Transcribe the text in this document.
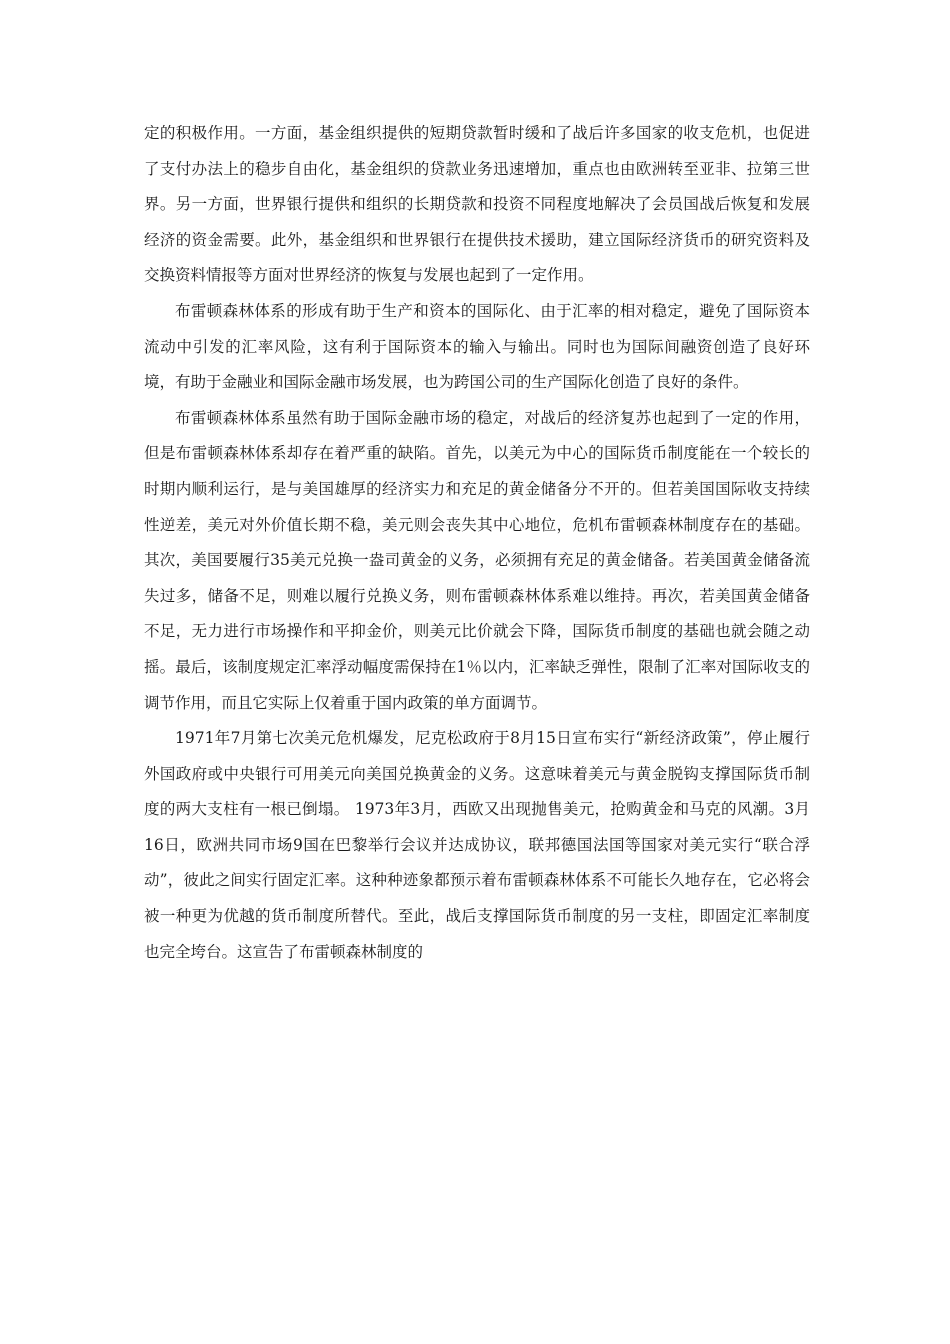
定的积极作用。一方面，基金组织提供的短期贷款暂时缓和了战后许多国家的收支危机，也促进了支付办法上的稳步自由化，基金组织的贷款业务迅速增加，重点也由欧洲转至亚非、拉第三世界。另一方面，世界银行提供和组织的长期贷款和投资不同程度地解决了会员国战后恢复和发展经济的资金需要。此外，基金组织和世界银行在提供技术援助，建立国际经济货币的研究资料及交换资料情报等方面对世界经济的恢复与发展也起到了一定作用。

布雷顿森林体系的形成有助于生产和资本的国际化、由于汇率的相对稳定，避免了国际资本流动中引发的汇率风险，这有利于国际资本的输入与输出。同时也为国际间融资创造了良好环境，有助于金融业和国际金融市场发展，也为跨国公司的生产国际化创造了良好的条件。

布雷顿森林体系虽然有助于国际金融市场的稳定，对战后的经济复苏也起到了一定的作用，但是布雷顿森林体系却存在着严重的缺陷。首先，以美元为中心的国际货币制度能在一个较长的时期内顺利运行，是与美国雄厚的经济实力和充足的黄金储备分不开的。但若美国国际收支持续性逆差，美元对外价值长期不稳，美元则会丧失其中心地位，危机布雷顿森林制度存在的基础。其次，美国要履行35美元兑换一盎司黄金的义务，必须拥有充足的黄金储备。若美国黄金储备流失过多，储备不足，则难以履行兑换义务，则布雷顿森林体系难以维持。再次，若美国黄金储备不足，无力进行市场操作和平抑金价，则美元比价就会下降，国际货币制度的基础也就会随之动摇。最后，该制度规定汇率浮动幅度需保持在1％以内，汇率缺乏弹性，限制了汇率对国际收支的调节作用，而且它实际上仅着重于国内政策的单方面调节。

1971年7月第七次美元危机爆发，尼克松政府于8月15日宣布实行“新经济政策”，停止履行外国政府或中央银行可用美元向美国兑换黄金的义务。这意味着美元与黄金脱钩支撑国际货币制度的两大支柱有一根已倒塌。 1973年3月，西欧又出现抛售美元，抢购黄金和马克的风潮。3月16日，欧洲共同市场9国在巴黎举行会议并达成协议，联邦德国法国等国家对美元实行“联合浮动”，彼此之间实行固定汇率。这种种迹象都预示着布雷顿森林体系不可能长久地存在，它必将会被一种更为优越的货币制度所替代。至此，战后支撑国际货币制度的另一支柱，即固定汇率制度也完全垮台。这宣告了布雷顿森林制度的
